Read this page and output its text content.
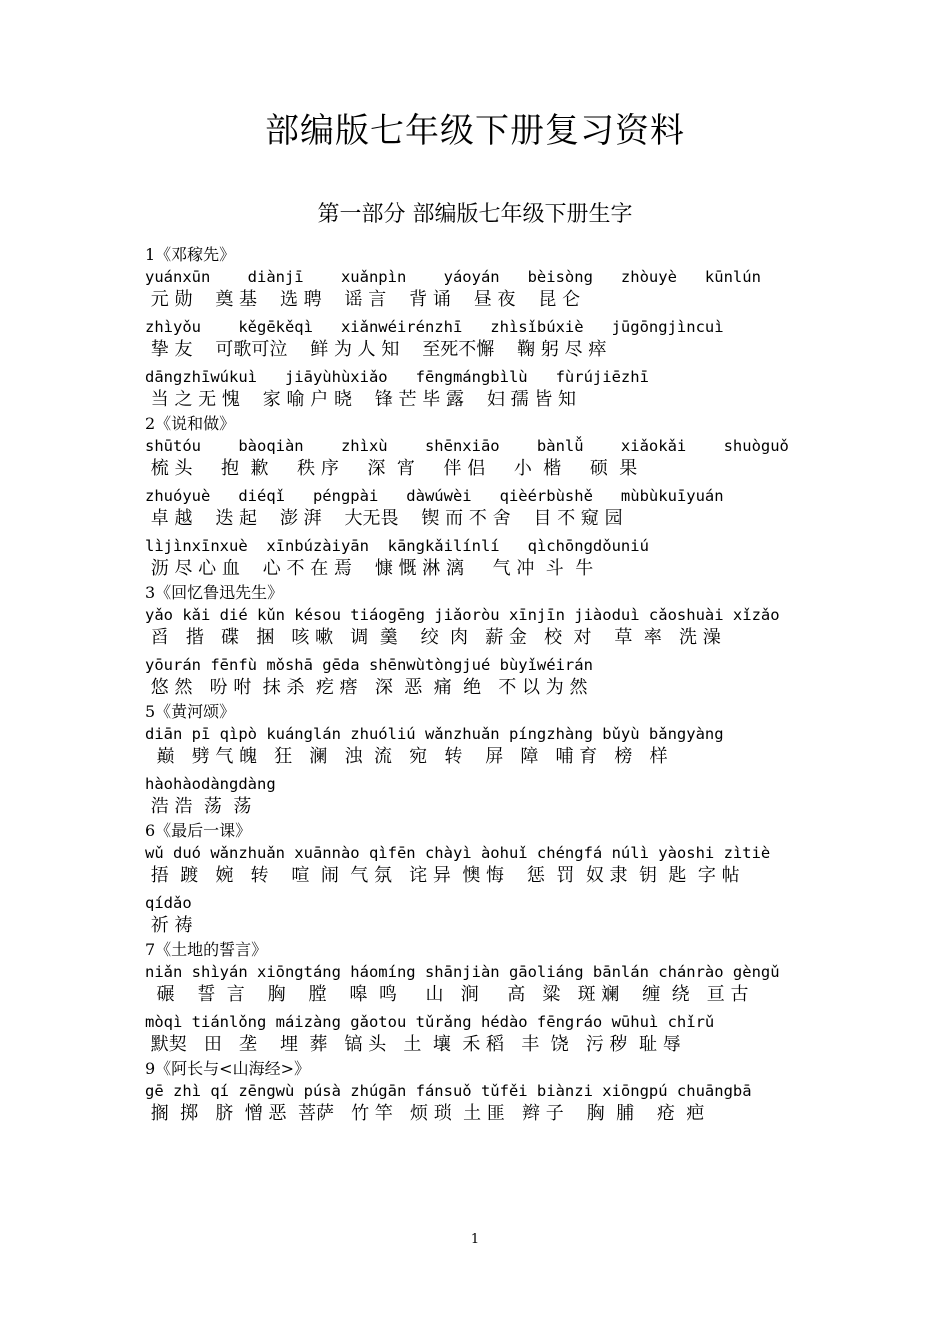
部编版七年级下册复习资料
第一部分 部编版七年级下册生字
1《邓稼先》
yuánxūn    diànjī    xuǎnpìn    yáoyán   bèisòng   zhòuyè   kūnlún
元 勋    奠 基    选 聘    谣 言    背 诵    昼 夜    昆 仑
zhìyǒu    kěgēkěqì   xiǎnwéirénzhī   zhìsǐbúxiè   jūgōngjìncuì
挚 友    可歌可泣    鲜 为 人 知    至死不懈    鞠 躬 尽 瘁
dāngzhīwúkuì   jiāyùhùxiǎo   fēngmángbìlù   fùrújiēzhī
当 之 无 愧    家 喻 户 晓    锋 芒 毕 露    妇 孺 皆 知
2《说和做》
shūtóu    bàoqiàn    zhìxù    shēnxiāo    bànlǚ    xiǎokǎi    shuòguǒ
梳 头     抱  歉     秩 序     深  宵     伴 侣     小  楷     硕  果
zhuóyuè   diéqǐ   péngpài   dàwúwèi   qièérbùshě   mùbùkuīyuán
卓 越    迭 起    澎 湃    大无畏    锲 而 不 舍    目 不 窥 园
lìjìnxīnxuè  xīnbúzàiyān  kāngkǎilínlí   qìchōngdǒuniú
沥 尽 心 血    心 不 在 焉    慷 慨 淋 漓     气 冲  斗  牛
3《回忆鲁迅先生》
yǎo kǎi dié kǔn késou tiáogēng jiǎoròu xīnjīn jiàoduì cǎoshuài xǐzǎo
舀   揩   碟   捆   咳 嗽   调  羹    绞  肉   薪 金   校  对    草  率   洗 澡
yōurán fēnfù mǒshā gēda shēnwùtòngjué bùyǐwéirán
悠 然   吩 咐  抹 杀  疙 瘩   深  恶  痛  绝   不 以 为 然
5《黄河颂》
diān pī qìpò kuánglán zhuóliú wǎnzhuǎn píngzhàng bǔyù bǎngyàng
巅   劈 气 魄   狂   澜   浊  流   宛   转    屏   障   哺 育   榜   样
hàohàodàngdàng
浩 浩  荡  荡
6《最后一课》
wǔ duó wǎnzhuǎn xuānnào qìfēn chàyì àohuǐ chéngfá núlì yàoshi zìtiè
捂  踱   婉   转    喧  闹  气 氛   诧 异  懊 悔    惩  罚  奴 隶  钥  匙  字 帖
qídǎo
祈 祷
7《土地的誓言》
niǎn shìyán xiōngtáng háomíng shānjiàn gāoliáng bānlán chánrào gèngǔ
碾    誓  言    胸    膛    嗥  鸣     山   涧     高   粱   斑 斓    缠  绕   亘 古
mòqì tiánlǒng máizàng gǎotou tǔrǎng hédào fēngráo wūhuì chǐrǔ
默契   田   垄    埋  葬   镐 头   土  壤  禾 稻   丰  饶   污 秽  耻 辱
9《阿长与<山海经>》
gē zhì qí zēngwù púsà zhúgān fánsuǒ tǔfěi biànzi xiōngpú chuāngbā
搁  掷   脐  憎 恶  菩萨   竹 竿   烦 琐  土 匪   辫 子    胸  脯    疮  疤
1
